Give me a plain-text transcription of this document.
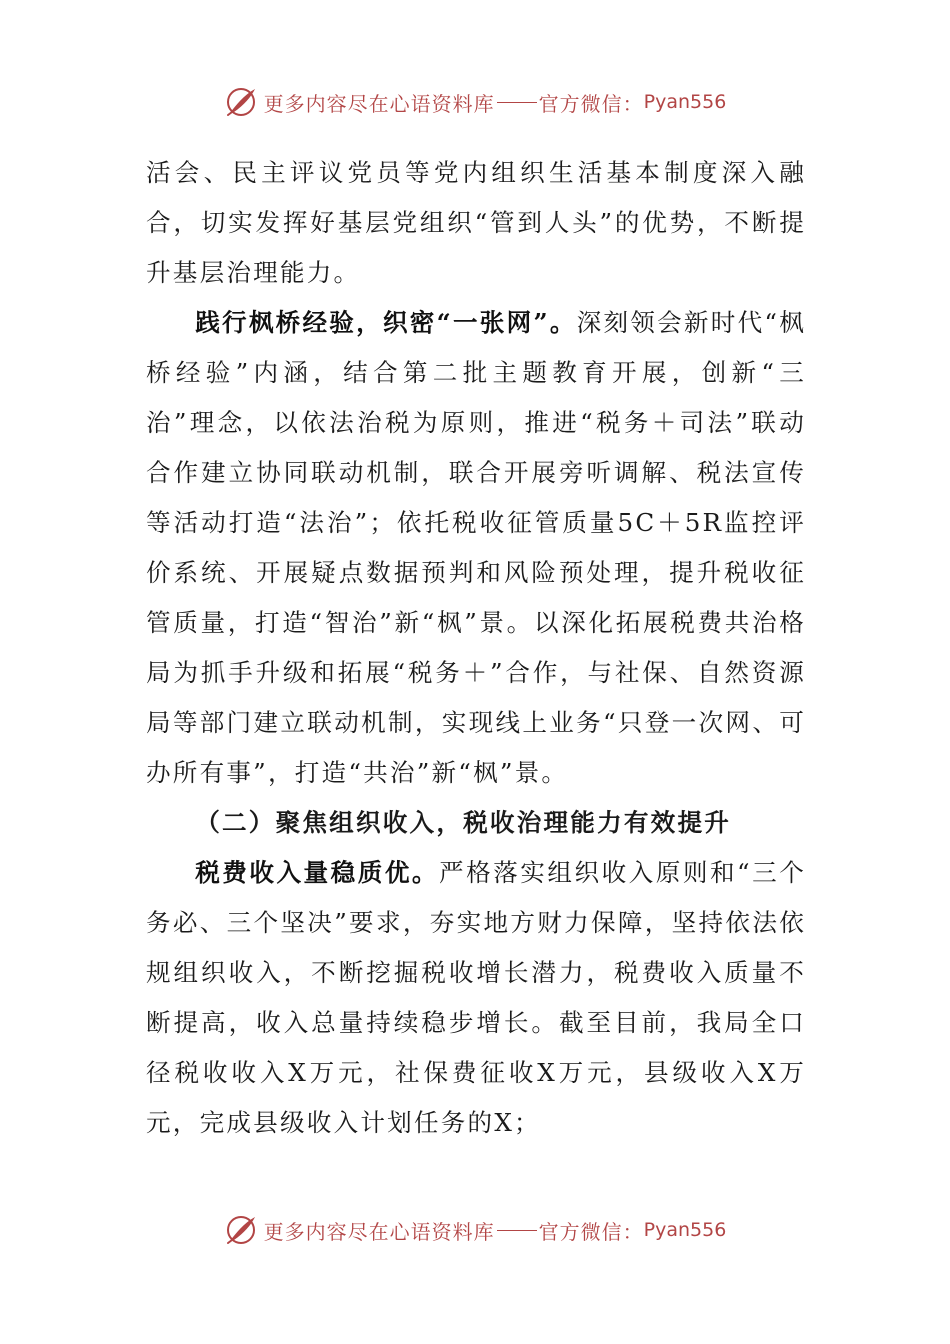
更多内容尽在心语资料库 官方微信： Pyan556

活会、民主评议党员等党内组织生活基本制度深入融合，切实发挥好基层党组织“管到人头”的优势，不断提升基层治理能力。

践行枫桥经验，织密“一张网”。深刻领会新时代“枫桥经验”内涵，结合第二批主题教育开展，创新“三治”理念，以依法治税为原则，推进“税务＋司法”联动合作建立协同联动机制，联合开展旁听调解、税法宣传等活动打造“法治”；依托税收征管质量5C＋5R监控评价系统、开展疑点数据预判和风险预处理，提升税收征管质量，打造“智治”新“枫”景。以深化拓展税费共治格局为抓手升级和拓展“税务＋”合作，与社保、自然资源局等部门建立联动机制，实现线上业务“只登一次网、可办所有事”，打造“共治”新“枫”景。

（二）聚焦组织收入，税收治理能力有效提升

税费收入量稳质优。严格落实组织收入原则和“三个务必、三个坚决”要求，夯实地方财力保障，坚持依法依规组织收入，不断挖掘税收增长潜力，税费收入质量不断提高，收入总量持续稳步增长。截至目前，我局全口径税收收入X万元，社保费征收X万元，县级收入X万元，完成县级收入计划任务的X；

更多内容尽在心语资料库 官方微信： Pyan556
